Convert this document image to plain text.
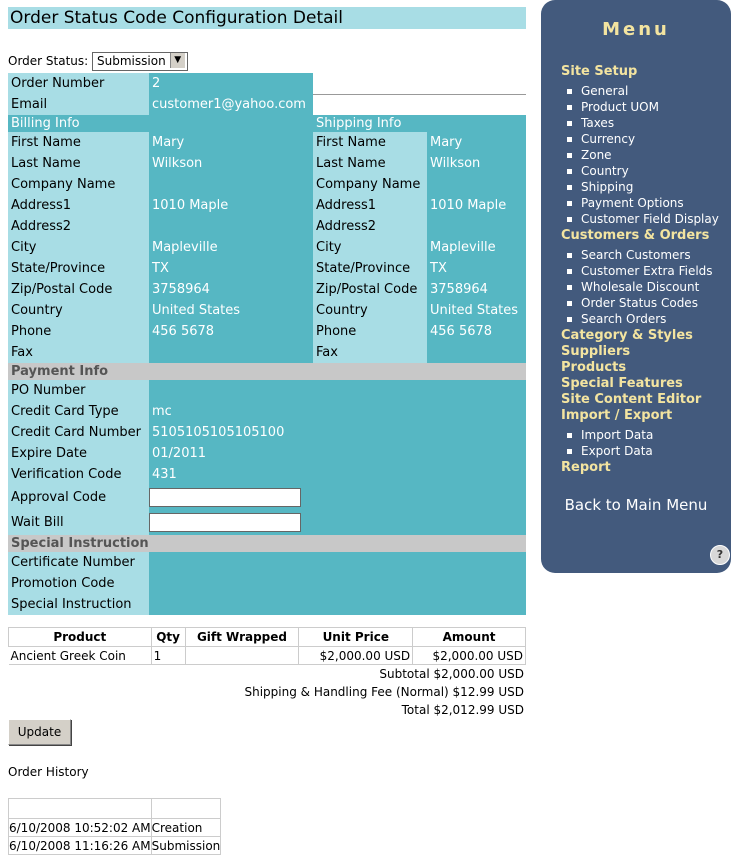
Order Status Code Configuration Detail
Order Status: Submission ▼
Order Number	2		
Email	customer1@yahoo.com		
Billing Info		Shipping Info	
First Name	Mary	First Name	Mary
Last Name	Wilkson	Last Name	Wilkson
Company Name		Company Name	
Address1	1010 Maple	Address1	1010 Maple
Address2		Address2	
City	Mapleville	City	Mapleville
State/Province	TX	State/Province	TX
Zip/Postal Code	3758964	Zip/Postal Code	3758964
Country	United States	Country	United States
Phone	456 5678	Phone	456 5678
Fax		Fax	
Payment Info			
PO Number			
Credit Card Type	mc		
Credit Card Number	5105105105105100		
Expire Date	01/2011		
Verification Code	431		
Approval Code	

Wait Bill	

Special Instruction			
Certificate Number			
Promotion Code			
Special Instruction			
Product	Qty	Gift Wrapped	Unit Price	Amount
Ancient Greek Coin	1		$2,000.00 USD	$2,000.00 USD
Subtotal $2,000.00 USD
Shipping & Handling Fee (Normal) $12.99 USD
Total $2,012.99 USD
Update
Order History

6/10/2008 10:52:02 AM	Creation
6/10/2008 11:16:26 AM	Submission
Menu
Site Setup
General
Product UOM
Taxes
Currency
Zone
Country
Shipping
Payment Options
Customer Field Display
Customers & Orders
Search Customers
Customer Extra Fields
Wholesale Discount
Order Status Codes
Search Orders
Category & Styles
Suppliers
Products
Special Features
Site Content Editor
Import / Export
Import Data
Export Data
Report
Back to Main Menu
?
